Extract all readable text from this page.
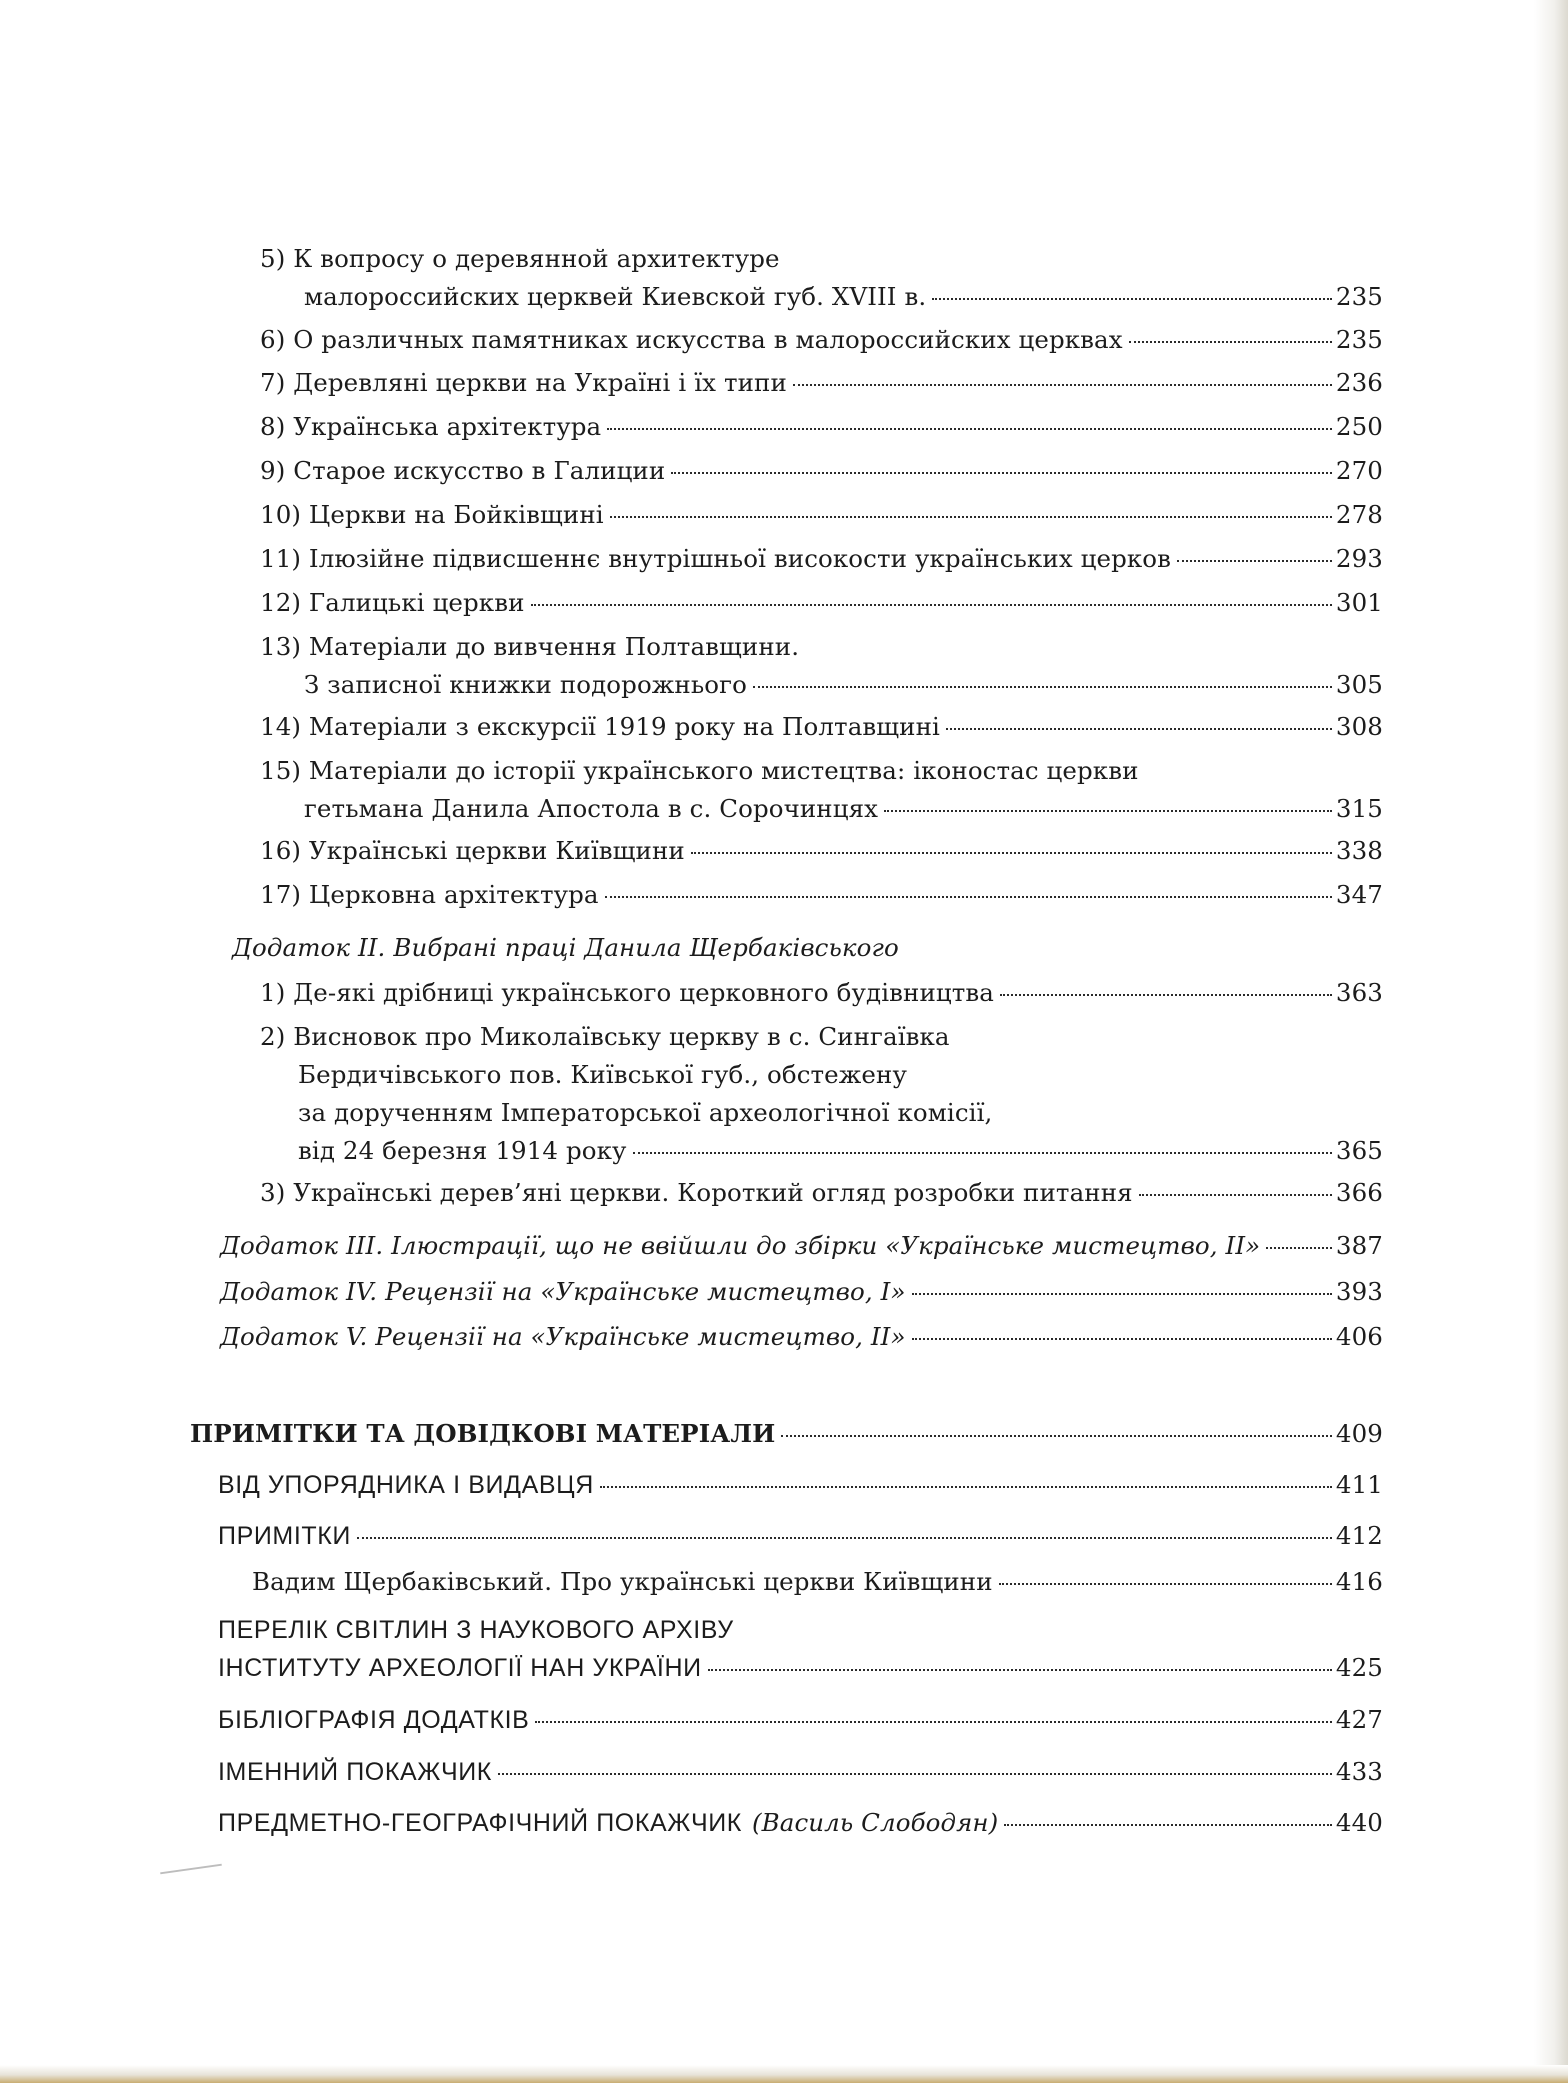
5) К вопросу о деревянной архитектуре
малороссийских церквей Киевской губ. XVIII в.	235
6) О различных памятниках искусства в малороссийских церквах	235
7) Деревляні церкви на Україні і їх типи	236
8) Українська архітектура	250
9) Старое искусство в Галиции	270
10) Церкви на Бойківщині	278
11) Ілюзійне підвисшеннє внутрішньої високости українських церков	293
12) Галицькі церкви	301
13) Матеріали до вивчення Полтавщини.
З записної книжки подорожнього	305
14) Матеріали з екскурсії 1919 року на Полтавщині	308
15) Матеріали до історії українського мистецтва: іконостас церкви
гетьмана Данила Апостола в с. Сорочинцях	315
16) Українські церкви Київщини	338
17) Церковна архітектура	347
Додаток II. Вибрані праці Данила Щербаківського
1) Де-які дрібниці українського церковного будівництва	363
2) Висновок про Миколаївську церкву в с. Сингаївка
Бердичівського пов. Київської губ., обстежену
за дорученням Імператорської археологічної комісії,
від 24 березня 1914 року	365
3) Українські дерев’яні церкви. Короткий огляд розробки питання	366
Додаток III. Ілюстрації, що не ввійшли до збірки «Українське мистецтво, II»	387
Додаток IV. Рецензії на «Українське мистецтво, I»	393
Додаток V. Рецензії на «Українське мистецтво, II»	406
ПРИМІТКИ ТА ДОВІДКОВІ МАТЕРІАЛИ	409
ВІД УПОРЯДНИКА І ВИДАВЦЯ	411
ПРИМІТКИ	412
Вадим Щербаківський. Про українські церкви Київщини	416
ПЕРЕЛІК СВІТЛИН З НАУКОВОГО АРХІВУ
ІНСТИТУТУ АРХЕОЛОГІЇ НАН УКРАЇНИ	425
БІБЛІОГРАФІЯ ДОДАТКІВ	427
ІМЕННИЙ ПОКАЖЧИК	433
ПРЕДМЕТНО-ГЕОГРАФІЧНИЙ ПОКАЖЧИК (Василь Слободян)	440
